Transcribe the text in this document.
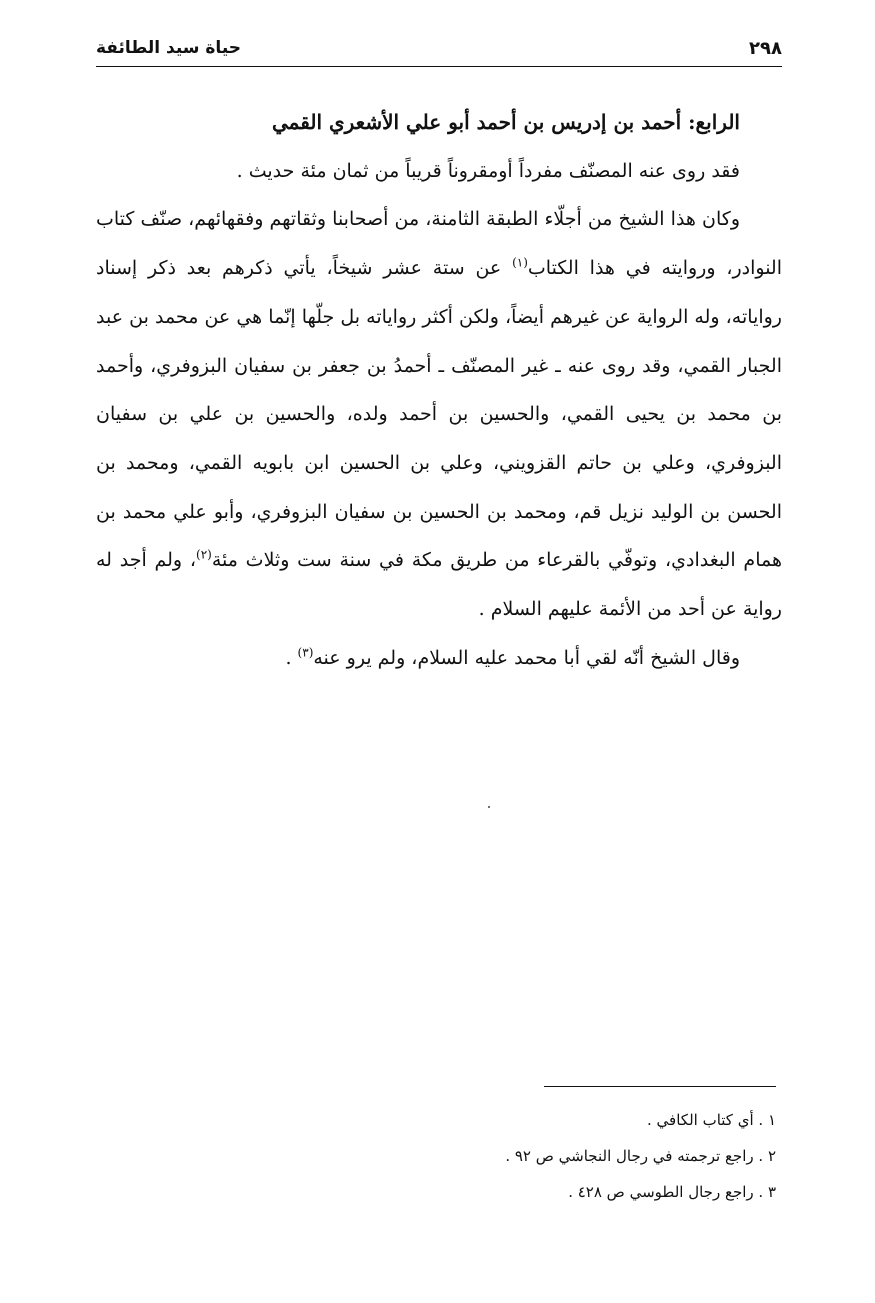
٢٩٨
حياة سيد الطائفة

الرابع: أحمد بن إدريس بن أحمد أبو علي الأشعري القمي

فقد روى عنه المصنّف مفرداً أومقروناً قريباً من ثمان مئة حديث .

وكان هذا الشيخ من أجلّاء الطبقة الثامنة، من أصحابنا وثقاتهم وفقهائهم، صنّف كتاب النوادر، وروايته في هذا الكتاب$^{(١)}$ عن ستة عشر شيخاً، يأتي ذكرهم بعد ذكر إسناد رواياته، وله الرواية عن غيرهم أيضاً، ولكن أكثر رواياته بل جلّها إنّما هي عن محمد بن عبد الجبار القمي، وقد روى عنه ـ غير المصنّف ـ أحمدُ بن جعفر بن سفيان البزوفري، وأحمد بن محمد بن يحيى القمي، والحسين بن أحمد ولده، والحسين بن علي بن سفيان البزوفري، وعلي بن حاتم القزويني، وعلي بن الحسين ابن بابويه القمي، ومحمد بن الحسن بن الوليد نزيل قم، ومحمد بن الحسين بن سفيان البزوفري، وأبو علي محمد بن همام البغدادي، وتوفّي بالقرعاء من طريق مكة في سنة ست وثلاث مئة$^{(٢)}$، ولم أجد له رواية عن أحد من الأئمة عليهم السلام .

وقال الشيخ أنّه لقي أبا محمد عليه السلام، ولم يرو عنه$^{(٣)}$ .

١ . أي كتاب الكافي .

٢ . راجع ترجمته في رجال النجاشي ص ٩٢ .

٣ . راجع رجال الطوسي ص ٤٢٨ .
